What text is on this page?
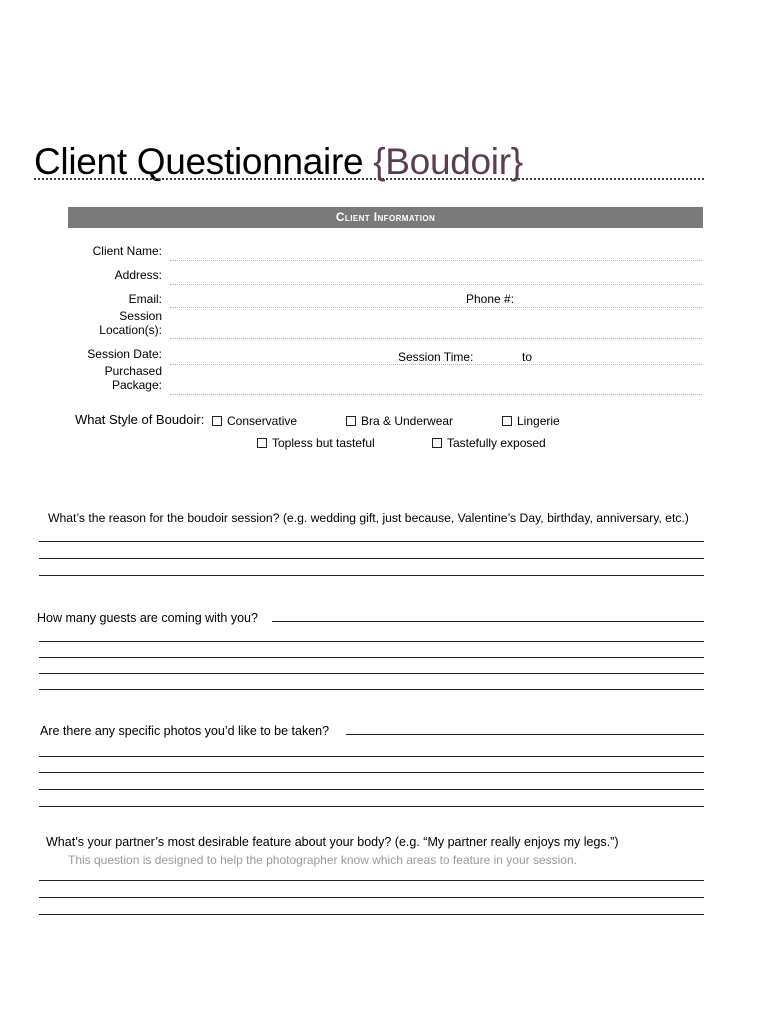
Client Questionnaire {Boudoir}
Client Information
Client Name:
Address:
Email:	Phone #:
Session
Location(s):
Session Date:	Session Time:	to
Purchased
Package:
What Style of Boudoir: Conservative	Bra & Underwear	Lingerie
Topless but tasteful	Tastefully exposed
What’s the reason for the boudoir session? (e.g. wedding gift, just because, Valentine’s Day, birthday, anniversary, etc.)
How many guests are coming with you?
Are there any specific photos you’d like to be taken?
What’s your partner’s most desirable feature about your body? (e.g. “My partner really enjoys my legs.”)
This question is designed to help the photographer know which areas to feature in your session.
